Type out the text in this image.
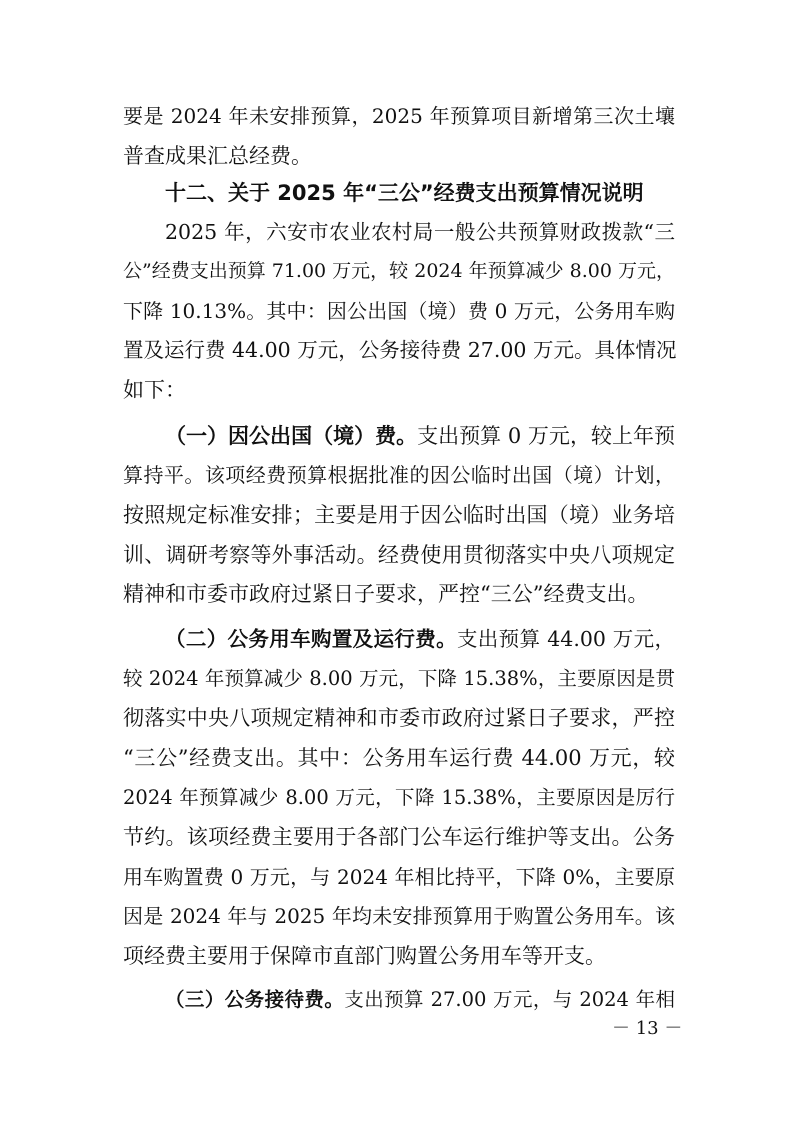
要是 2024 年未安排预算，2025 年预算项目新增第三次土壤
普查成果汇总经费。
十二、关于 2025 年“三公”经费支出预算情况说明
2025 年，六安市农业农村局一般公共预算财政拨款“三
公”经费支出预算 71.00 万元，较 2024 年预算减少 8.00 万元，
下降 10.13%。其中：因公出国（境）费 0 万元，公务用车购
置及运行费 44.00 万元，公务接待费 27.00 万元。具体情况
如下：
（一）因公出国（境）费。支出预算 0 万元，较上年预
算持平。该项经费预算根据批准的因公临时出国（境）计划，
按照规定标准安排；主要是用于因公临时出国（境）业务培
训、调研考察等外事活动。经费使用贯彻落实中央八项规定
精神和市委市政府过紧日子要求，严控“三公”经费支出。
（二）公务用车购置及运行费。支出预算 44.00 万元，
较 2024 年预算减少 8.00 万元，下降 15.38%，主要原因是贯
彻落实中央八项规定精神和市委市政府过紧日子要求，严控
“三公”经费支出。其中：公务用车运行费 44.00 万元，较
2024 年预算减少 8.00 万元，下降 15.38%，主要原因是厉行
节约。该项经费主要用于各部门公车运行维护等支出。公务
用车购置费 0 万元，与 2024 年相比持平，下降 0%，主要原
因是 2024 年与 2025 年均未安排预算用于购置公务用车。该
项经费主要用于保障市直部门购置公务用车等开支。
（三）公务接待费。支出预算 27.00 万元，与 2024 年相
－ 13 －
